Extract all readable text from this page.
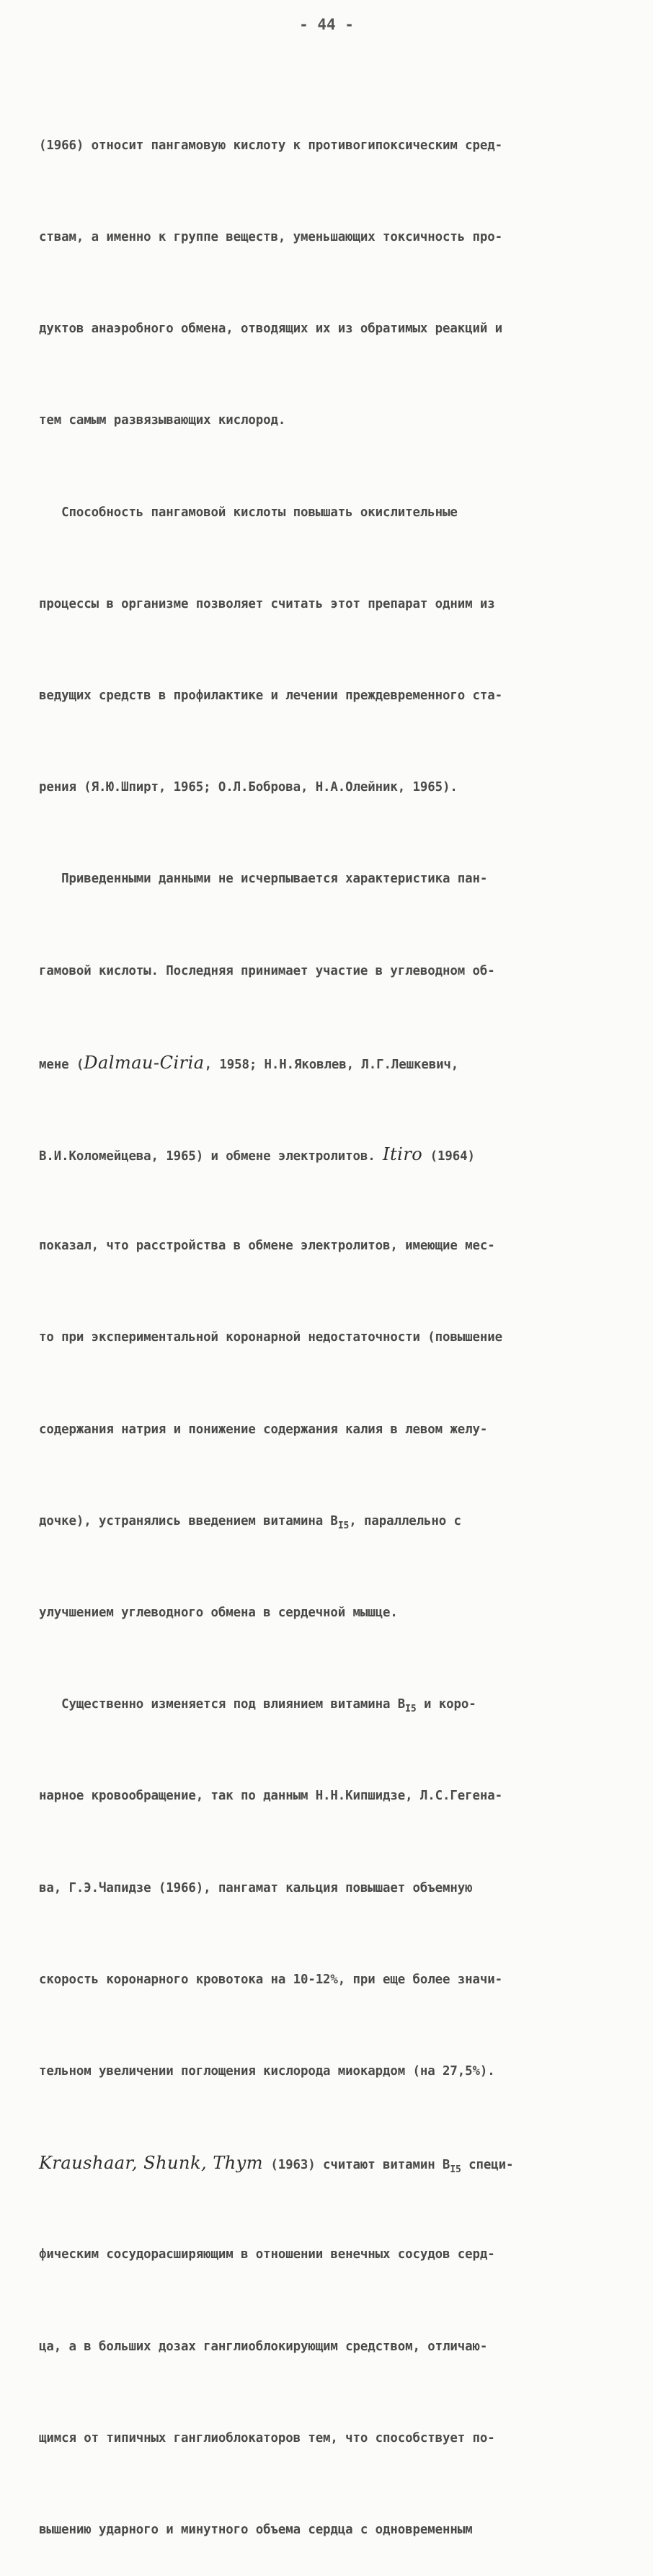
- 44 -

(1966) относит пангамовую кислоту к противогипоксическим сред-

ствам, а именно к группе веществ, уменьшающих токсичность про-

дуктов анаэробного обмена, отводящих их из обратимых реакций и

тем самым развязывающих кислород.

Способность пангамовой кислоты повышать окислительные

процессы в организме позволяет считать этот препарат одним из

ведущих средств в профилактике и лечении преждевременного ста-

рения (Я.Ю.Шпирт, 1965; О.Л.Боброва, Н.А.Олейник, 1965).

Приведенными данными не исчерпывается характеристика пан-

гамовой кислоты. Последняя принимает участие в углеводном об-

мене (Dalmau-Ciria, 1958; Н.Н.Яковлев, Л.Г.Лешкевич,

В.И.Коломейцева, 1965) и обмене электролитов. Itiro (1964)

показал, что расстройства в обмене электролитов, имеющие мес-

то при экспериментальной коронарной недостаточности (повышение

содержания натрия и понижение содержания калия в левом желу-

дочке), устранялись введением витамина $В_{I5}$, параллельно с

улучшением углеводного обмена в сердечной мышце.

Существенно изменяется под влиянием витамина $В_{I5}$ и коро-

нарное кровообращение, так по данным Н.Н.Кипшидзе, Л.С.Гегена-

ва, Г.Э.Чапидзе (1966), пангамат кальция повышает объемную

скорость коронарного кровотока на 10-12%, при еще более значи-

тельном увеличении поглощения кислорода миокардом (на 27,5%).

Kraushaar, Shunk, Thym (1963) считают витамин $В_{I5}$ специ-

фическим сосудорасширяющим в отношении венечных сосудов серд-

ца, а в больших дозах ганглиоблокирующим средством, отличаю-

щимся от типичных ганглиоблокаторов тем, что способствует по-

вышению ударного и минутного объема сердца с одновременным
